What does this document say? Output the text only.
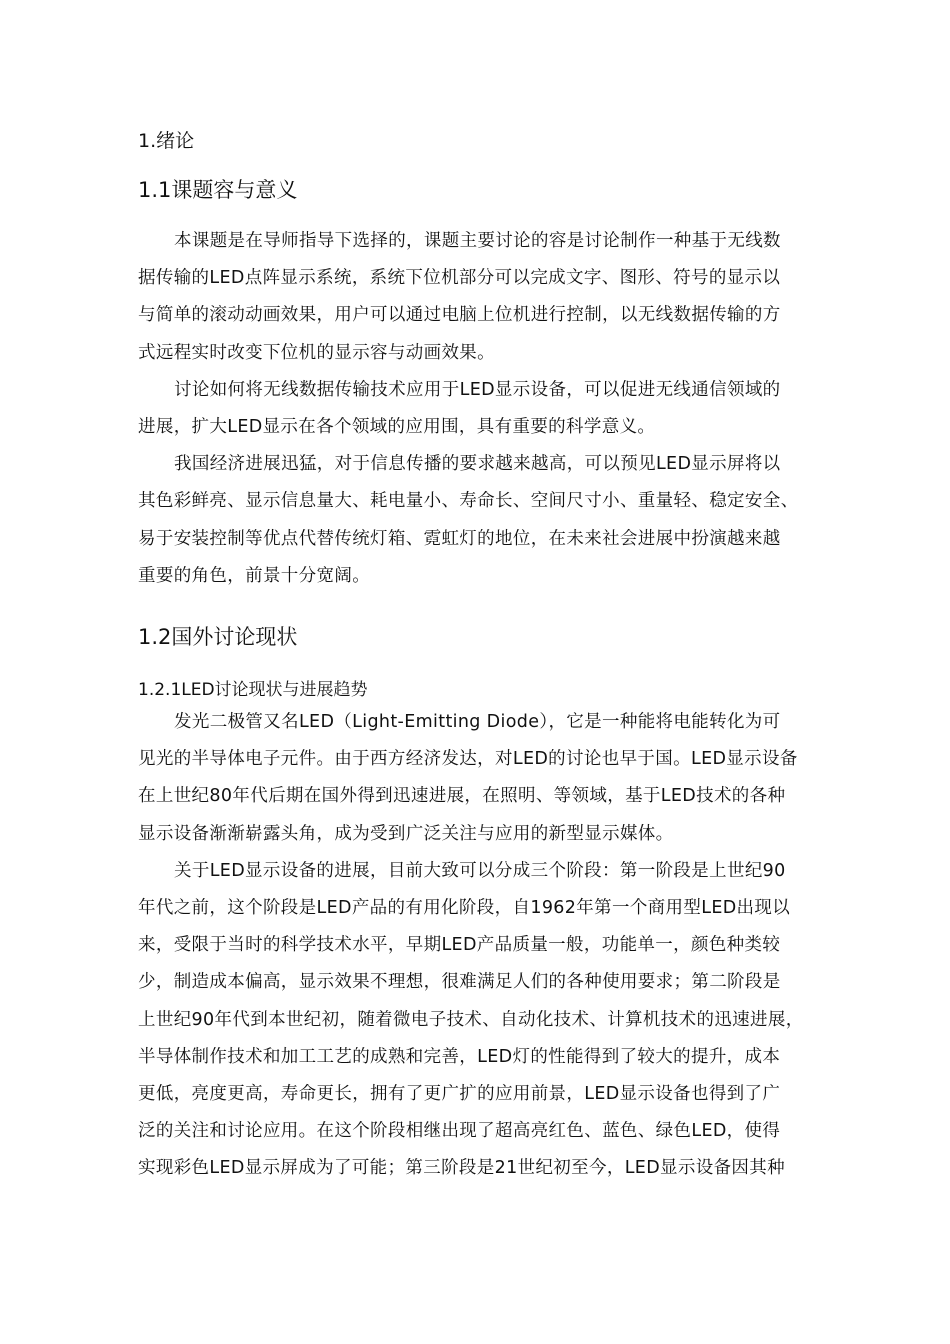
1.绪论
1.1课题容与意义
本课题是在导师指导下选择的，课题主要讨论的容是讨论制作一种基于无线数
据传输的LED点阵显示系统，系统下位机部分可以完成文字、图形、符号的显示以
与简单的滚动动画效果，用户可以通过电脑上位机进行控制，以无线数据传输的方
式远程实时改变下位机的显示容与动画效果。
讨论如何将无线数据传输技术应用于LED显示设备，可以促进无线通信领域的
进展，扩大LED显示在各个领域的应用围，具有重要的科学意义。
我国经济进展迅猛，对于信息传播的要求越来越高，可以预见LED显示屏将以
其色彩鲜亮、显示信息量大、耗电量小、寿命长、空间尺寸小、重量轻、稳定安全、
易于安装控制等优点代替传统灯箱、霓虹灯的地位，在未来社会进展中扮演越来越
重要的角色，前景十分宽阔。
1.2国外讨论现状
1.2.1LED讨论现状与进展趋势
发光二极管又名LED（Light-Emitting Diode），它是一种能将电能转化为可
见光的半导体电子元件。由于西方经济发达，对LED的讨论也早于国。LED显示设备
在上世纪80年代后期在国外得到迅速进展，在照明、等领域，基于LED技术的各种
显示设备渐渐崭露头角，成为受到广泛关注与应用的新型显示媒体。
关于LED显示设备的进展，目前大致可以分成三个阶段：第一阶段是上世纪90
年代之前，这个阶段是LED产品的有用化阶段，自1962年第一个商用型LED出现以
来，受限于当时的科学技术水平，早期LED产品质量一般，功能单一，颜色种类较
少，制造成本偏高，显示效果不理想，很难满足人们的各种使用要求；第二阶段是
上世纪90年代到本世纪初，随着微电子技术、自动化技术、计算机技术的迅速进展，
半导体制作技术和加工工艺的成熟和完善，LED灯的性能得到了较大的提升，成本
更低，亮度更高，寿命更长，拥有了更广扩的应用前景，LED显示设备也得到了广
泛的关注和讨论应用。在这个阶段相继出现了超高亮红色、蓝色、绿色LED，使得
实现彩色LED显示屏成为了可能；第三阶段是21世纪初至今，LED显示设备因其种
